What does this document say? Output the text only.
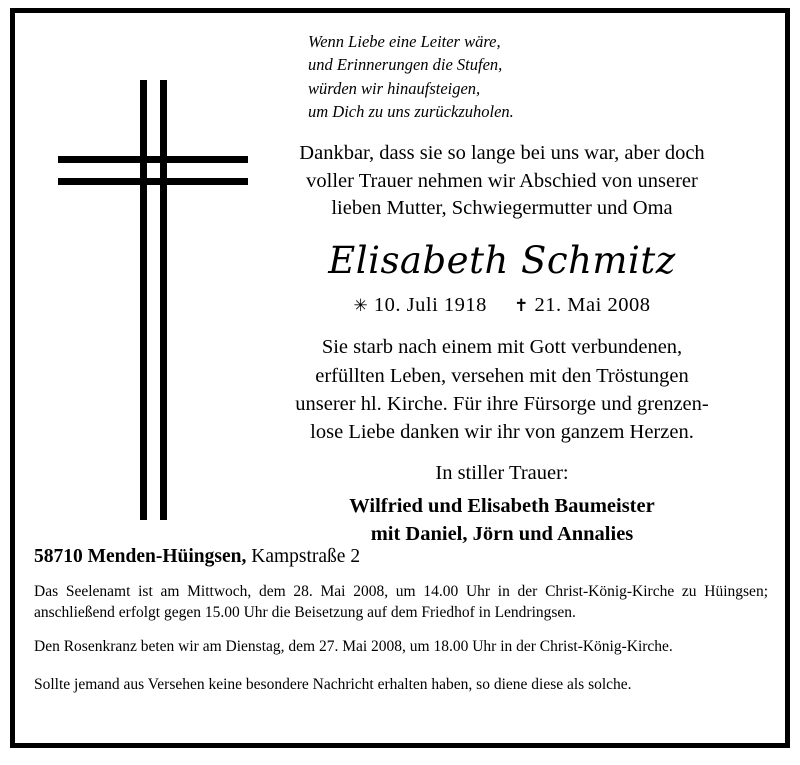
Wenn Liebe eine Leiter wäre,
und Erinnerungen die Stufen,
würden wir hinaufsteigen,
um Dich zu uns zurückzuholen.
Dankbar, dass sie so lange bei uns war, aber doch
voller Trauer nehmen wir Abschied von unserer
lieben Mutter, Schwiegermutter und Oma
Elisabeth Schmitz
✳ 10. Juli 1918 ✝ 21. Mai 2008
Sie starb nach einem mit Gott verbundenen,
erfüllten Leben, versehen mit den Tröstungen
unserer hl. Kirche. Für ihre Fürsorge und grenzen-
lose Liebe danken wir ihr von ganzem Herzen.
In stiller Trauer:
Wilfried und Elisabeth Baumeister
mit Daniel, Jörn und Annalies
58710 Menden-Hüingsen, Kampstraße 2
Das Seelenamt ist am Mittwoch, dem 28. Mai 2008, um 14.00 Uhr in der Christ-König-Kirche zu Hüingsen; anschließend erfolgt gegen 15.00 Uhr die Beisetzung auf dem Friedhof in Lendringsen.
Den Rosenkranz beten wir am Dienstag, dem 27. Mai 2008, um 18.00 Uhr in der Christ-König-Kirche.
Sollte jemand aus Versehen keine besondere Nachricht erhalten haben, so diene diese als solche.
